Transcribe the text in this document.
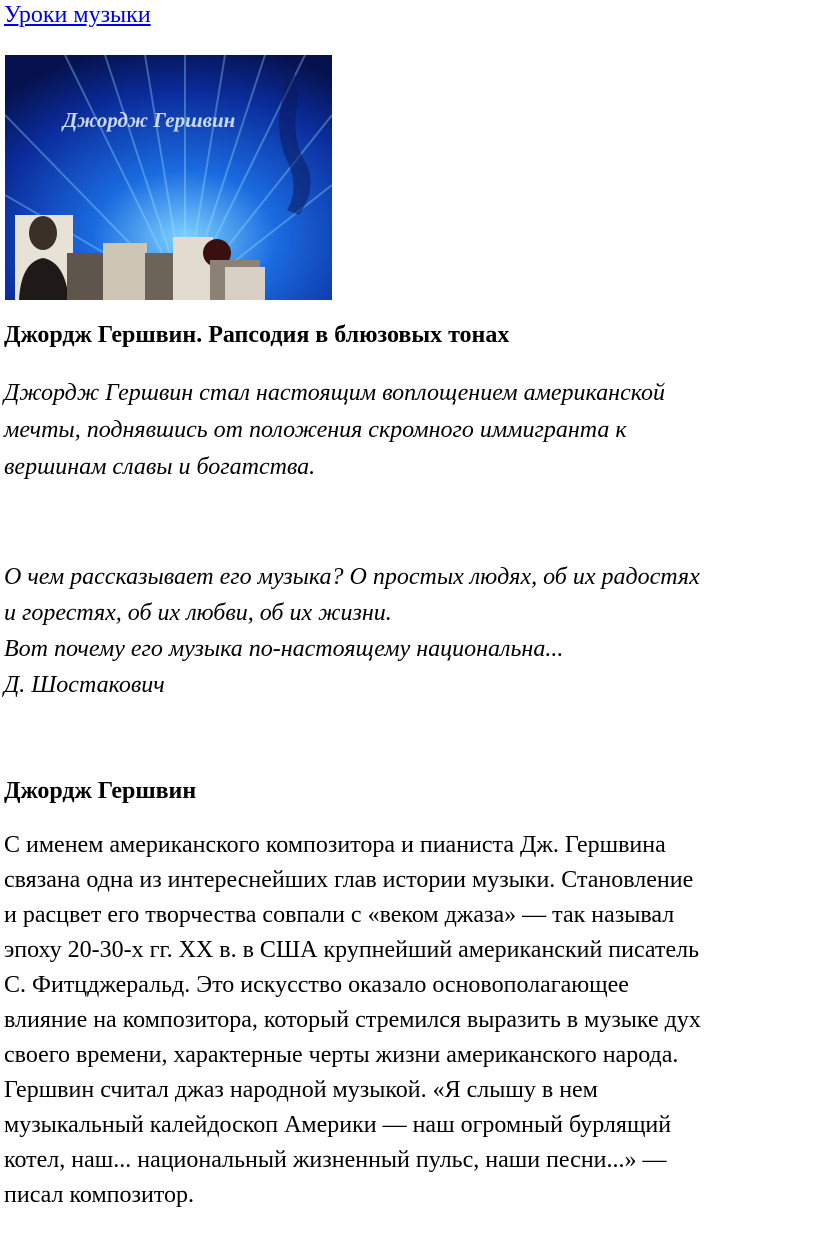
Уроки музыки
Джордж Гершвин
Джордж Гершвин. Рапсодия в блюзовых тонах
Джордж Гершвин стал настоящим воплощением американской
мечты, поднявшись от положения скромного иммигранта к
вершинам славы и богатства.
О чем рассказывает его музыка? О простых людях, об их радостях
и горестях, об их любви, об их жизни.
Вот почему его музыка по-настоящему национальна...
Д. Шостакович
Джордж Гершвин
С именем американского композитора и пианиста Дж. Гершвина
связана одна из интереснейших глав истории музыки. Становление
и расцвет его творчества совпали с «веком джаза» — так называл
эпоху 20-30-х гг. XX в. в США крупнейший американский писатель
С. Фитцджеральд. Это искусство оказало основополагающее
влияние на композитора, который стремился выразить в музыке дух
своего времени, характерные черты жизни американского народа.
Гершвин считал джаз народной музыкой. «Я слышу в нем
музыкальный калейдоскоп Америки — наш огромный бурлящий
котел, наш... национальный жизненный пульс, наши песни...» —
писал композитор.
